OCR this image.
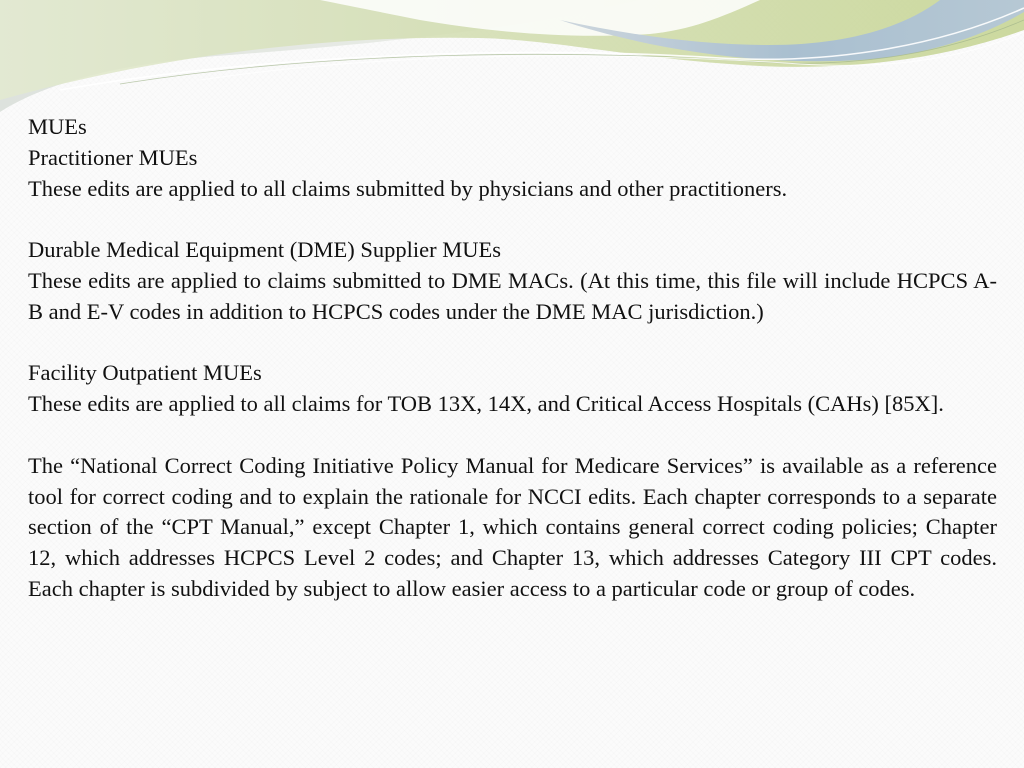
MUEs

Practitioner MUEs

These edits are applied to all claims submitted by physicians and other practitioners.

Durable Medical Equipment (DME) Supplier MUEs

These edits are applied to claims submitted to DME MACs. (At this time, this file will include HCPCS A-B and E-V codes in addition to HCPCS codes under the DME MAC jurisdiction.)

Facility Outpatient MUEs

These edits are applied to all claims for TOB 13X, 14X, and Critical Access Hospitals (CAHs) [85X].

The “National Correct Coding Initiative Policy Manual for Medicare Services” is available as a reference tool for correct coding and to explain the rationale for NCCI edits. Each chapter corresponds to a separate section of the “CPT Manual,” except Chapter 1, which contains general correct coding policies; Chapter 12, which addresses HCPCS Level 2 codes; and Chapter 13, which addresses Category III CPT codes. Each chapter is subdivided by subject to allow easier access to a particular code or group of codes.
